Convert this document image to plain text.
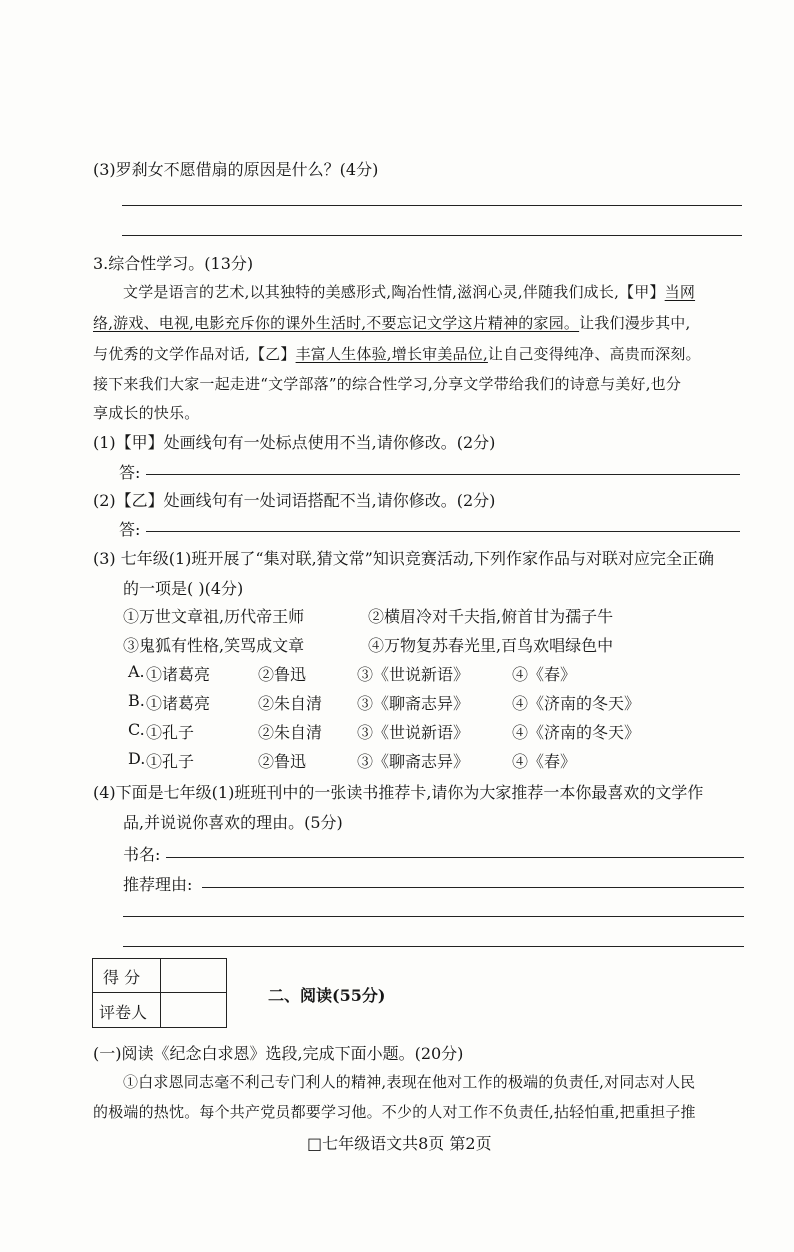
(3)罗刹女不愿借扇的原因是什么？(4分)
3.综合性学习。(13分)
文学是语言的艺术,以其独特的美感形式,陶冶性情,滋润心灵,伴随我们成长,【甲】当网
络,游戏、电视,电影充斥你的课外生活时,不要忘记文学这片精神的家园。让我们漫步其中,
与优秀的文学作品对话,【乙】丰富人生体验,增长审美品位,让自己变得纯净、高贵而深刻。
接下来我们大家一起走进“文学部落”的综合性学习,分享文学带给我们的诗意与美好,也分
享成长的快乐。
(1)【甲】处画线句有一处标点使用不当,请你修改。(2分)
答:
(2)【乙】处画线句有一处词语搭配不当,请你修改。(2分)
答:
(3) 七年级(1)班开展了“集对联,猜文常”知识竞赛活动,下列作家作品与对联对应完全正确
的一项是( )(4分)
①万世文章祖,历代帝王师	②横眉冷对千夫指,俯首甘为孺子牛
③鬼狐有性格,笑骂成文章	④万物复苏春光里,百鸟欢唱绿色中
A. ①诸葛亮	②鲁迅	③《世说新语》	④《春》
B. ①诸葛亮	②朱自清 ③《聊斋志异》	④《济南的冬天》
C. ①孔子	②朱自清 ③《世说新语》	④《济南的冬天》
D. ①孔子	②鲁迅	③《聊斋志异》	④《春》
(4)下面是七年级(1)班班刊中的一张读书推荐卡,请你为大家推荐一本你最喜欢的文学作
品,并说说你喜欢的理由。(5分)
书名:
推荐理由:
得 分
评卷人
二、阅读(55分)
(一)阅读《纪念白求恩》选段,完成下面小题。(20分)
①白求恩同志毫不利己专门利人的精神,表现在他对工作的极端的负责任,对同志对人民
的极端的热忱。每个共产党员都要学习他。不少的人对工作不负责任,拈轻怕重,把重担子推
□七年级语文共8页 第2页
